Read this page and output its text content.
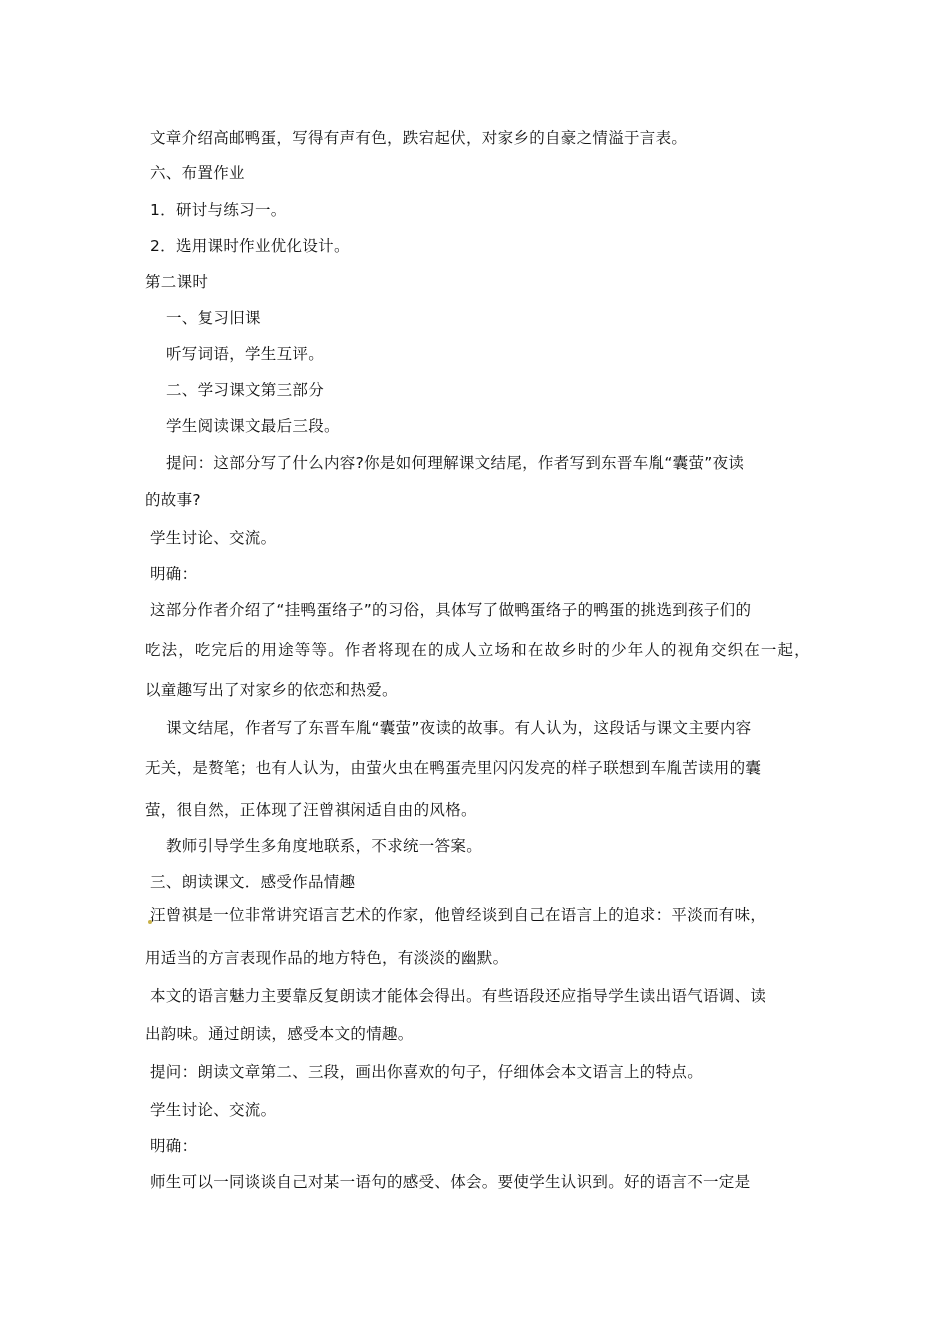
文章介绍高邮鸭蛋，写得有声有色，跌宕起伏，对家乡的自豪之情溢于言表。
六、布置作业
1．研讨与练习一。
2．选用课时作业优化设计。
第二课时
一、复习旧课
听写词语，学生互评。
二、学习课文第三部分
学生阅读课文最后三段。
提问：这部分写了什么内容?你是如何理解课文结尾，作者写到东晋车胤“囊萤”夜读
的故事?
学生讨论、交流。
明确：
这部分作者介绍了“挂鸭蛋络子”的习俗，具体写了做鸭蛋络子的鸭蛋的挑选到孩子们的
吃法，吃完后的用途等等。作者将现在的成人立场和在故乡时的少年人的视角交织在一起，
以童趣写出了对家乡的依恋和热爱。
课文结尾，作者写了东晋车胤“囊萤”夜读的故事。有人认为，这段话与课文主要内容
无关，是赘笔；也有人认为，由萤火虫在鸭蛋壳里闪闪发亮的样子联想到车胤苦读用的囊
萤，很自然，正体现了汪曾祺闲适自由的风格。
教师引导学生多角度地联系，不求统一答案。
三、朗读课文．感受作品情趣
汪曾祺是一位非常讲究语言艺术的作家，他曾经谈到自己在语言上的追求：平淡而有味，
用适当的方言表现作品的地方特色，有淡淡的幽默。
本文的语言魅力主要靠反复朗读才能体会得出。有些语段还应指导学生读出语气语调、读
出韵味。通过朗读，感受本文的情趣。
提问：朗读文章第二、三段，画出你喜欢的句子，仔细体会本文语言上的特点。
学生讨论、交流。
明确：
师生可以一同谈谈自己对某一语句的感受、体会。要使学生认识到。好的语言不一定是
